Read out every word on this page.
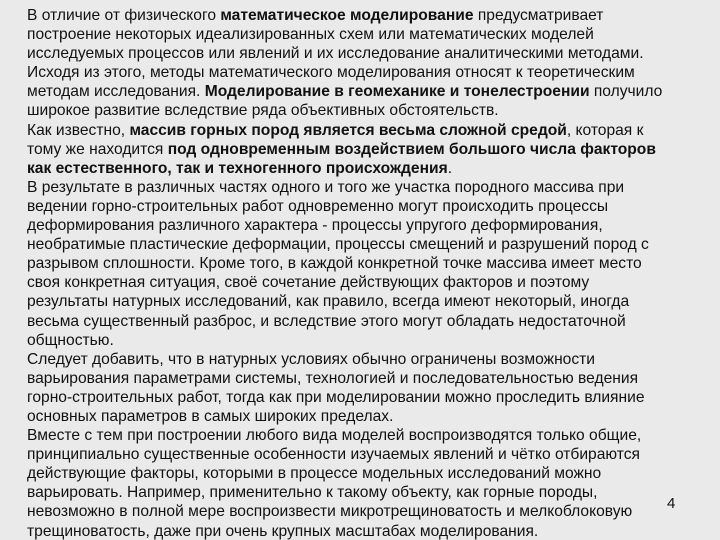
В отличие от физического математическое моделирование предусматривает
построение некоторых идеализированных схем или математических моделей
исследуемых процессов или явлений и их исследование аналитическими методами.
Исходя из этого, методы математического моделирования относят к теоретическим
методам исследования. Моделирование в геомеханике и тонелестроении получило
широкое развитие вследствие ряда объективных обстоятельств.
Как известно, массив горных пород является весьма сложной средой, которая к
тому же находится под одновременным воздействием большого числа факторов
как естественного, так и техногенного происхождения.
В результате в различных частях одного и того же участка породного массива при
ведении горно-строительных работ одновременно могут происходить процессы
деформирования различного характера - процессы упругого деформирования,
необратимые пластические деформации, процессы смещений и разрушений пород с
разрывом сплошности. Кроме того, в каждой конкретной точке массива имеет место
своя конкретная ситуация, своё сочетание действующих факторов и поэтому
результаты натурных исследований, как правило, всегда имеют некоторый, иногда
весьма существенный разброс, и вследствие этого могут обладать недостаточной
общностью.
Следует добавить, что в натурных условиях обычно ограничены возможности
варьирования параметрами системы, технологией и последовательностью ведения
горно-строительных работ, тогда как при моделировании можно проследить влияние
основных параметров в самых широких пределах.
Вместе с тем при построении любого вида моделей воспроизводятся только общие,
принципиально существенные особенности изучаемых явлений и чётко отбираются
действующие факторы, которыми в процессе модельных исследований можно
варьировать. Например, применительно к такому объекту, как горные породы,
невозможно в полной мере воспроизвести микротрещиноватость и мелкоблоковую
трещиноватость, даже при очень крупных масштабах моделирования.
4
